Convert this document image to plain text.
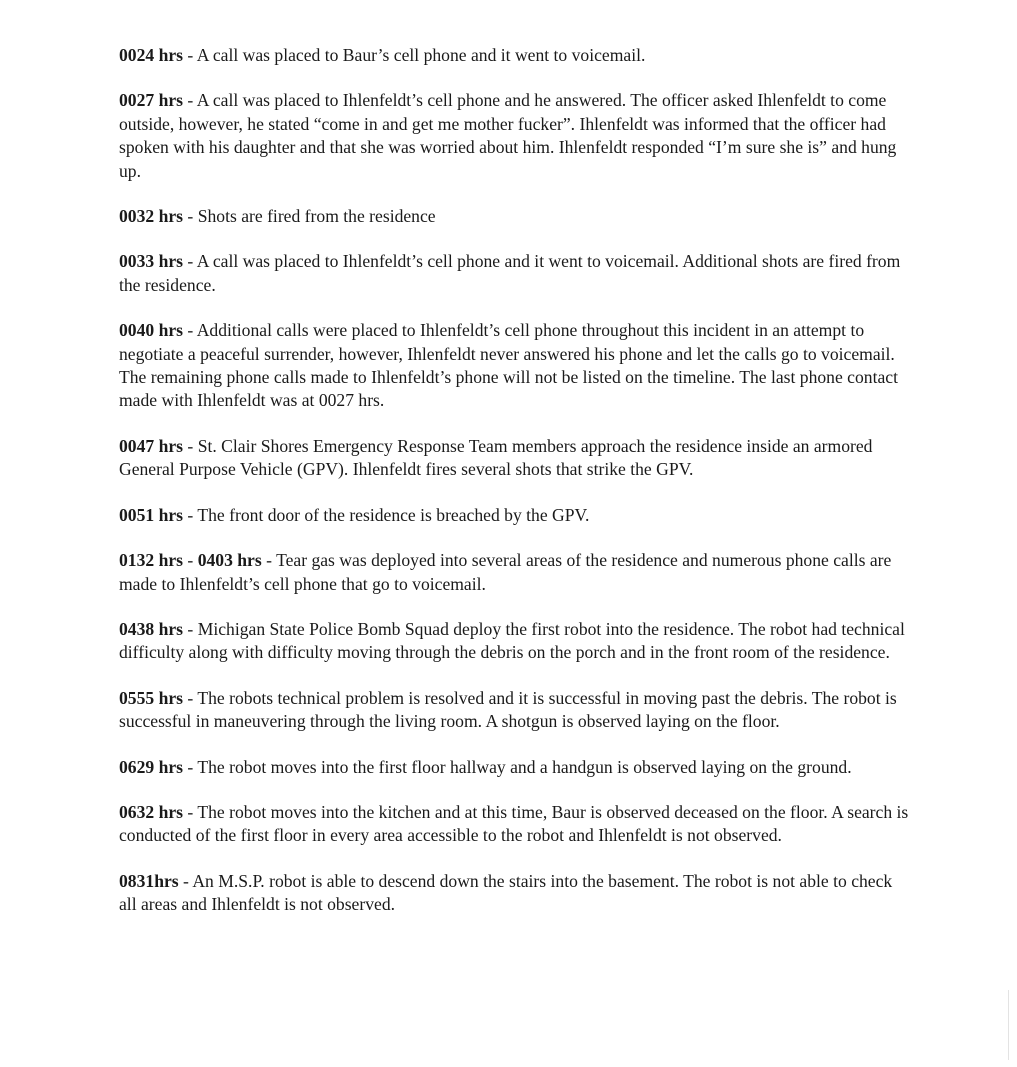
0024 hrs - A call was placed to Baur’s cell phone and it went to voicemail.

0027 hrs - A call was placed to Ihlenfeldt’s cell phone and he answered. The officer asked Ihlenfeldt to come outside, however, he stated “come in and get me mother fucker”. Ihlenfeldt was informed that the officer had spoken with his daughter and that she was worried about him. Ihlenfeldt responded “I’m sure she is” and hung up.

0032 hrs - Shots are fired from the residence

0033 hrs - A call was placed to Ihlenfeldt’s cell phone and it went to voicemail. Additional shots are fired from the residence.

0040 hrs - Additional calls were placed to Ihlenfeldt’s cell phone throughout this incident in an attempt to negotiate a peaceful surrender, however, Ihlenfeldt never answered his phone and let the calls go to voicemail. The remaining phone calls made to Ihlenfeldt’s phone will not be listed on the timeline. The last phone contact made with Ihlenfeldt was at 0027 hrs.

0047 hrs - St. Clair Shores Emergency Response Team members approach the residence inside an armored General Purpose Vehicle (GPV). Ihlenfeldt fires several shots that strike the GPV.

0051 hrs - The front door of the residence is breached by the GPV.

0132 hrs - 0403 hrs - Tear gas was deployed into several areas of the residence and numerous phone calls are made to Ihlenfeldt’s cell phone that go to voicemail.

0438 hrs - Michigan State Police Bomb Squad deploy the first robot into the residence. The robot had technical difficulty along with difficulty moving through the debris on the porch and in the front room of the residence.

0555 hrs - The robots technical problem is resolved and it is successful in moving past the debris. The robot is successful in maneuvering through the living room. A shotgun is observed laying on the floor.

0629 hrs - The robot moves into the first floor hallway and a handgun is observed laying on the ground.

0632 hrs - The robot moves into the kitchen and at this time, Baur is observed deceased on the floor. A search is conducted of the first floor in every area accessible to the robot and Ihlenfeldt is not observed.

0831hrs - An M.S.P. robot is able to descend down the stairs into the basement. The robot is not able to check all areas and Ihlenfeldt is not observed.
